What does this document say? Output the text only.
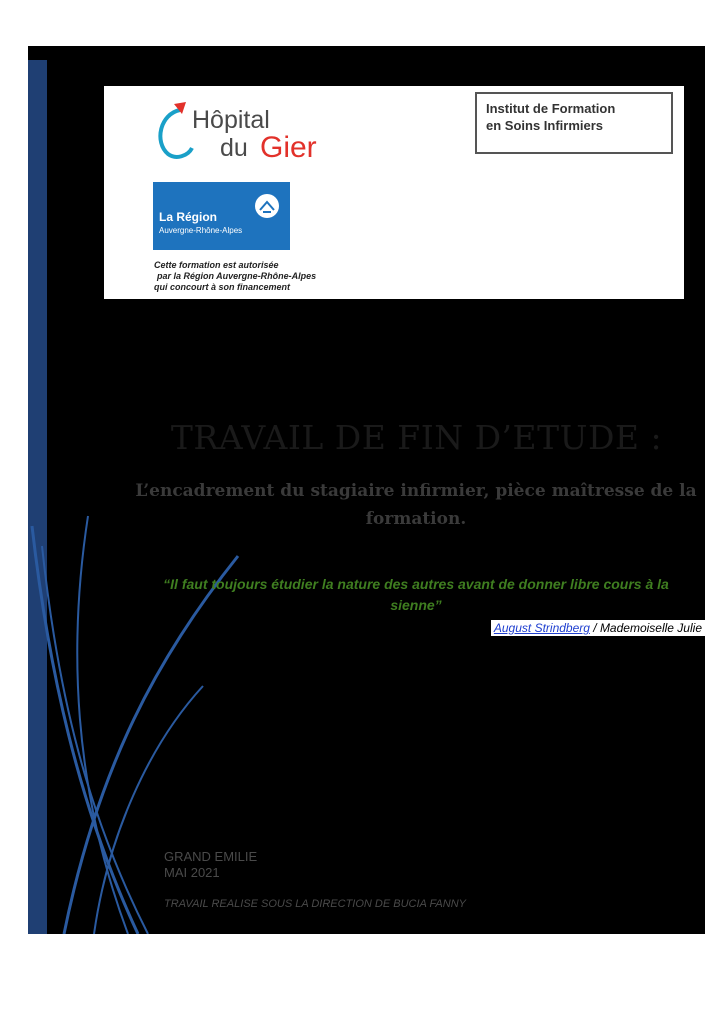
Hôpital
du Gier
La Région
Auvergne-Rhône-Alpes
Cette formation est autorisée
par la Région Auvergne-Rhône-Alpes
qui concourt à son financement
Institut de Formation
en Soins Infirmiers
TRAVAIL DE FIN D’ETUDE :
L’encadrement du stagiaire infirmier, pièce maîtresse de la formation.
“Il faut toujours étudier la nature des autres avant de donner libre cours à la sienne”
August Strindberg / Mademoiselle Julie
GRAND EMILIE
MAI 2021
TRAVAIL REALISE SOUS LA DIRECTION DE BUCIA FANNY
